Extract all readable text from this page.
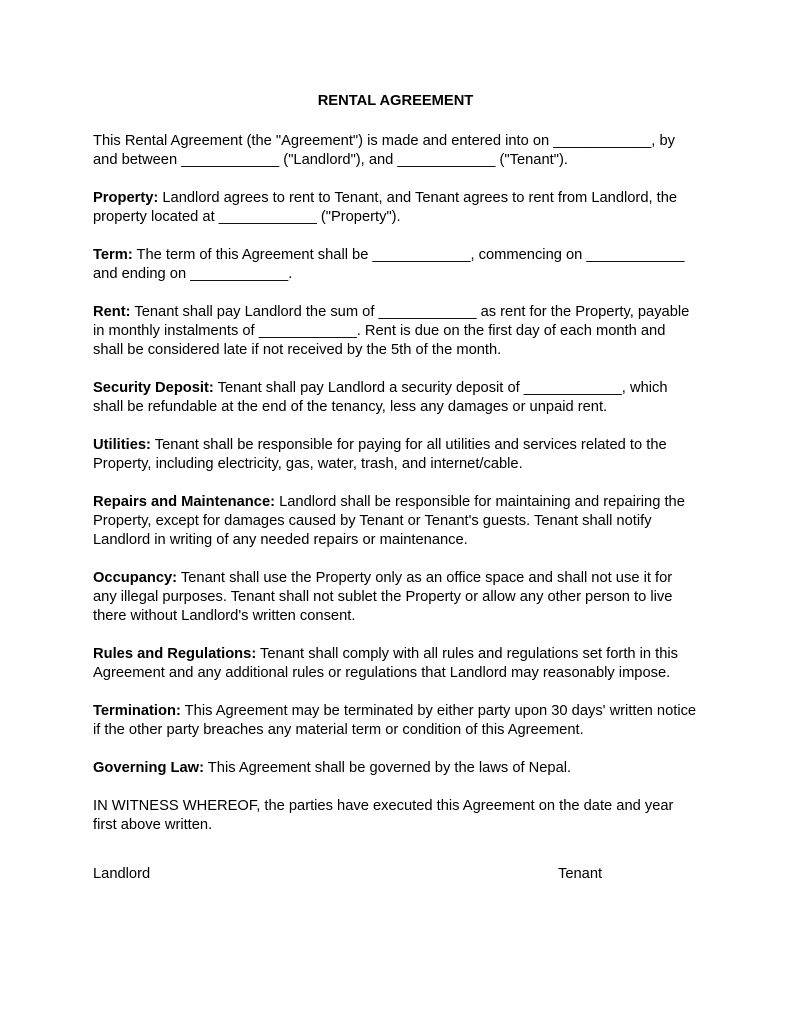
RENTAL AGREEMENT

This Rental Agreement (the "Agreement") is made and entered into on ____________, by and between ____________ ("Landlord"), and ____________ ("Tenant").

Property: Landlord agrees to rent to Tenant, and Tenant agrees to rent from Landlord, the property located at ____________ ("Property").

Term: The term of this Agreement shall be ____________, commencing on ____________ and ending on ____________.

Rent: Tenant shall pay Landlord the sum of ____________ as rent for the Property, payable in monthly instalments of ____________. Rent is due on the first day of each month and shall be considered late if not received by the 5th of the month.

Security Deposit: Tenant shall pay Landlord a security deposit of ____________, which shall be refundable at the end of the tenancy, less any damages or unpaid rent.

Utilities: Tenant shall be responsible for paying for all utilities and services related to the Property, including electricity, gas, water, trash, and internet/cable.

Repairs and Maintenance: Landlord shall be responsible for maintaining and repairing the Property, except for damages caused by Tenant or Tenant's guests. Tenant shall notify Landlord in writing of any needed repairs or maintenance.

Occupancy: Tenant shall use the Property only as an office space and shall not use it for any illegal purposes. Tenant shall not sublet the Property or allow any other person to live there without Landlord's written consent.

Rules and Regulations: Tenant shall comply with all rules and regulations set forth in this Agreement and any additional rules or regulations that Landlord may reasonably impose.

Termination: This Agreement may be terminated by either party upon 30 days' written notice if the other party breaches any material term or condition of this Agreement.

Governing Law: This Agreement shall be governed by the laws of Nepal.

IN WITNESS WHEREOF, the parties have executed this Agreement on the date and year first above written.

Landlord	Tenant
